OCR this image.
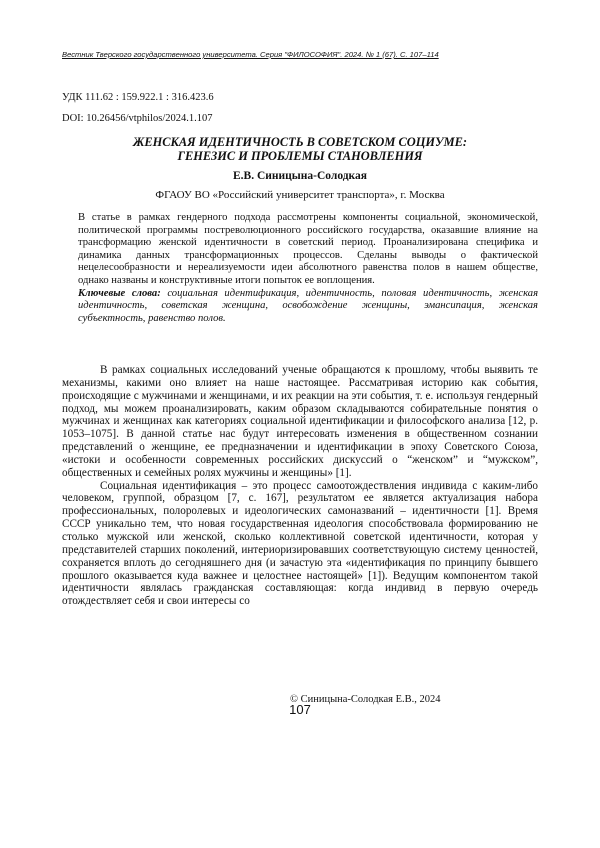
Вестник Тверского государственного университета. Серия "ФИЛОСОФИЯ". 2024. № 1 (67). С. 107–114
УДК 111.62 : 159.922.1 : 316.423.6
DOI: 10.26456/vtphilos/2024.1.107
ЖЕНСКАЯ ИДЕНТИЧНОСТЬ В СОВЕТСКОМ СОЦИУМЕ:
ГЕНЕЗИС И ПРОБЛЕМЫ СТАНОВЛЕНИЯ
Е.В. Синицына-Солодкая
ФГАОУ ВО «Российский университет транспорта», г. Москва

В статье в рамках гендерного подхода рассмотрены компоненты социальной, экономической, политической программы постреволюционного российского государства, оказавшие влияние на трансформацию женской идентичности в советский период. Проанализирована специфика и динамика данных трансформационных процессов. Сделаны выводы о фактической нецелесообразности и нереализуемости идеи абсолютного равенства полов в нашем обществе, однако названы и конструктивные итоги попыток ее воплощения.

Ключевые слова: социальная идентификация, идентичность, половая идентичность, женская идентичность, советская женщина, освобождение женщины, эмансипация, женская субъектность, равенство полов.

В рамках социальных исследований ученые обращаются к прошлому, чтобы выявить те механизмы, какими оно влияет на наше настоящее. Рассматривая историю как события, происходящие с мужчинами и женщинами, и их реакции на эти события, т. е. используя гендерный подход, мы можем проанализировать, каким образом складываются собирательные понятия о мужчинах и женщинах как категориях социальной идентификации и философского анализа [12, p. 1053–1075]. В данной статье нас будут интересовать изменения в общественном сознании представлений о женщине, ее предназначении и идентификации в эпоху Советского Союза, «истоки и особенности современных российских дискуссий о “женском” и “мужском”, общественных и семейных ролях мужчины и женщины» [1].

Социальная идентификация – это процесс самоотождествления индивида с каким-либо человеком, группой, образцом [7, с. 167], результатом ее является актуализация набора профессиональных, полоролевых и идеологических самоназваний – идентичности [1]. Время СССР уникально тем, что новая государственная идеология способствовала формированию не столько мужской или женской, сколько коллективной советской идентичности, которая у представителей старших поколений, интериоризировавших соответствующую систему ценностей, сохраняется вплоть до сегодняшнего дня (и зачастую эта «идентификация по принципу бывшего прошлого оказывается куда важнее и целостнее настоящей» [1]). Ведущим компонентом такой идентичности являлась гражданская составляющая: когда индивид в первую очередь отождествляет себя и свои интересы со

© Синицына-Солодкая Е.В., 2024
107
